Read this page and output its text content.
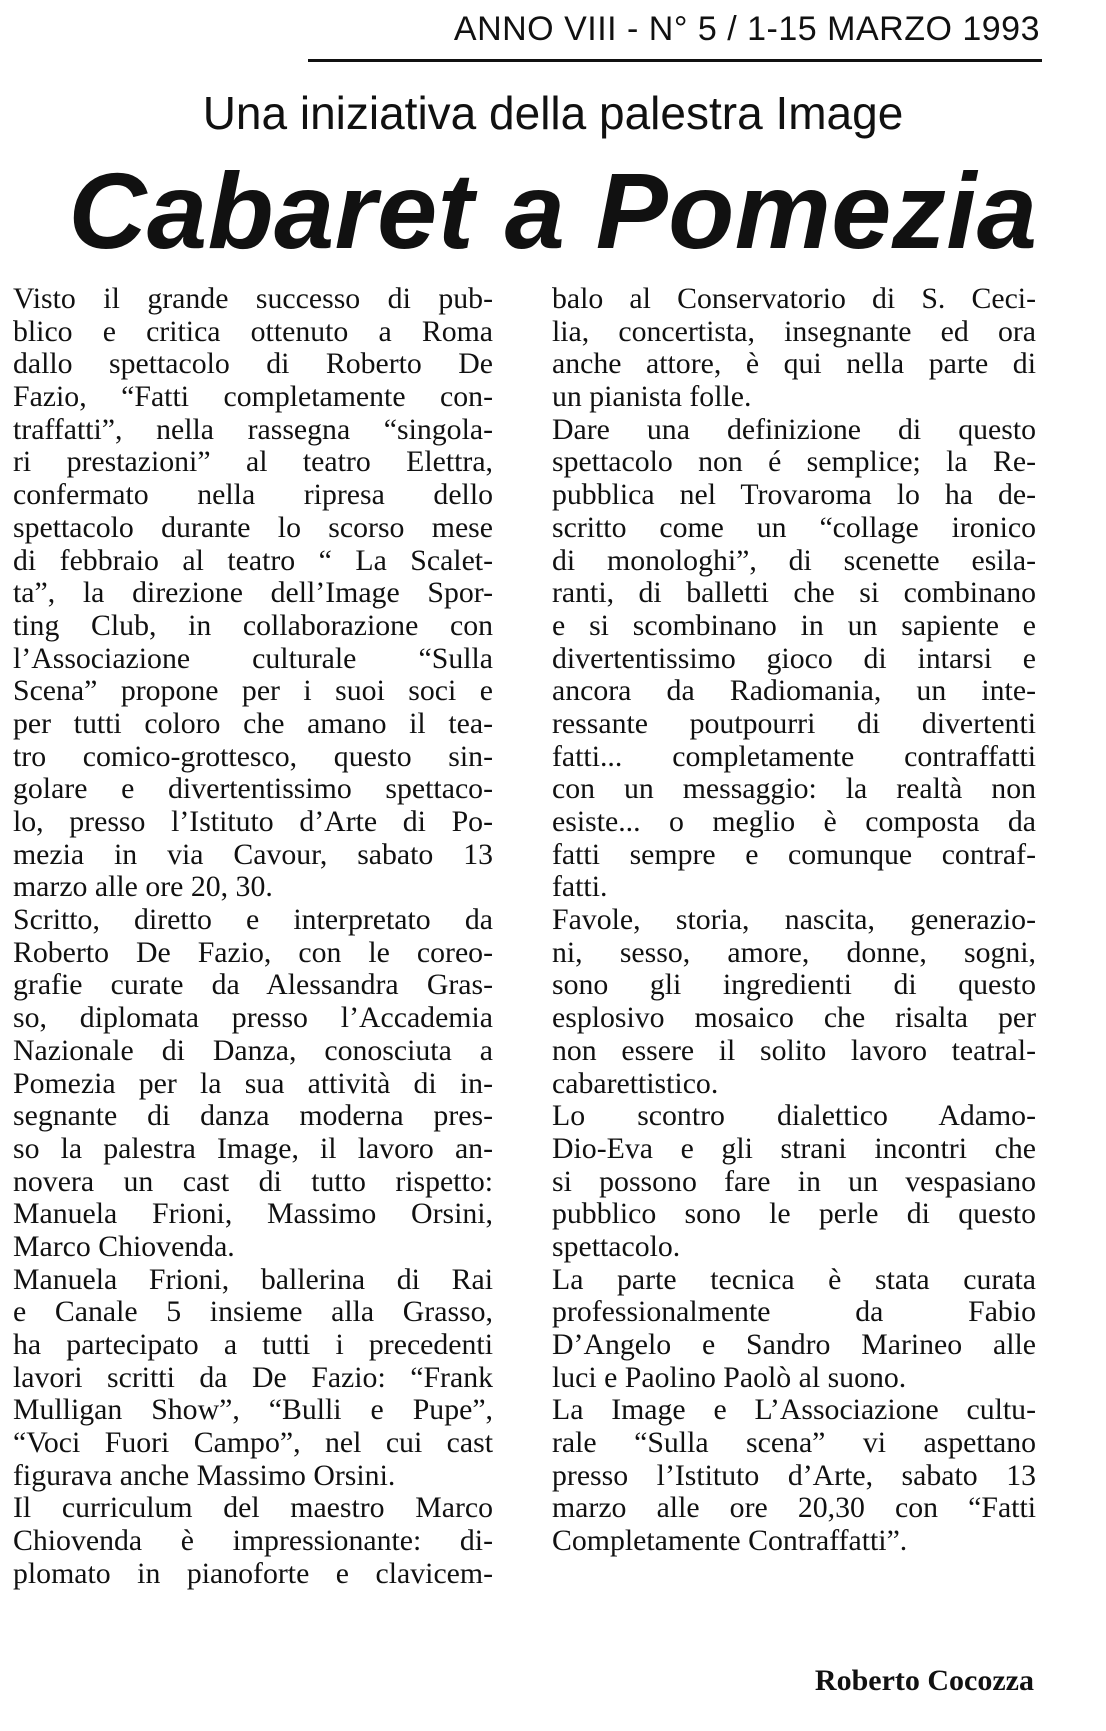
ANNO VIII - N° 5 / 1-15 MARZO 1993
Una iniziativa della palestra Image
Cabaret a Pomezia
Visto il grande successo di pub-
blico e critica ottenuto a Roma
dallo spettacolo di Roberto De
Fazio, “Fatti completamente con-
traffatti”, nella rassegna “singola-
ri prestazioni” al teatro Elettra,
confermato nella ripresa dello
spettacolo durante lo scorso mese
di febbraio al teatro “ La Scalet-
ta”, la direzione dell’Image Spor-
ting Club, in collaborazione con
l’Associazione culturale “Sulla
Scena” propone per i suoi soci e
per tutti coloro che amano il tea-
tro comico-grottesco, questo sin-
golare e divertentissimo spettaco-
lo, presso l’Istituto d’Arte di Po-
mezia in via Cavour, sabato 13
marzo alle ore 20, 30.
Scritto, diretto e interpretato da
Roberto De Fazio, con le coreo-
grafie curate da Alessandra Gras-
so, diplomata presso l’Accademia
Nazionale di Danza, conosciuta a
Pomezia per la sua attività di in-
segnante di danza moderna pres-
so la palestra Image, il lavoro an-
novera un cast di tutto rispetto:
Manuela Frioni, Massimo Orsini,
Marco Chiovenda.
Manuela Frioni, ballerina di Rai
e Canale 5 insieme alla Grasso,
ha partecipato a tutti i precedenti
lavori scritti da De Fazio: “Frank
Mulligan Show”, “Bulli e Pupe”,
“Voci Fuori Campo”, nel cui cast
figurava anche Massimo Orsini.
Il curriculum del maestro Marco
Chiovenda è impressionante: di-
plomato in pianoforte e clavicem-
balo al Conservatorio di S. Ceci-
lia, concertista, insegnante ed ora
anche attore, è qui nella parte di
un pianista folle.
Dare una definizione di questo
spettacolo non é semplice; la Re-
pubblica nel Trovaroma lo ha de-
scritto come un “collage ironico
di monologhi”, di scenette esila-
ranti, di balletti che si combinano
e si scombinano in un sapiente e
divertentissimo gioco di intarsi e
ancora da Radiomania, un inte-
ressante poutpourri di divertenti
fatti... completamente contraffatti
con un messaggio: la realtà non
esiste... o meglio è composta da
fatti sempre e comunque contraf-
fatti.
Favole, storia, nascita, generazio-
ni, sesso, amore, donne, sogni,
sono gli ingredienti di questo
esplosivo mosaico che risalta per
non essere il solito lavoro teatral-
cabarettistico.
Lo scontro dialettico Adamo-
Dio-Eva e gli strani incontri che
si possono fare in un vespasiano
pubblico sono le perle di questo
spettacolo.
La parte tecnica è stata curata
professionalmente da Fabio
D’Angelo e Sandro Marineo alle
luci e Paolino Paolò al suono.
La Image e L’Associazione cultu-
rale “Sulla scena” vi aspettano
presso l’Istituto d’Arte, sabato 13
marzo alle ore 20,30 con “Fatti
Completamente Contraffatti”.
Roberto Cocozza
